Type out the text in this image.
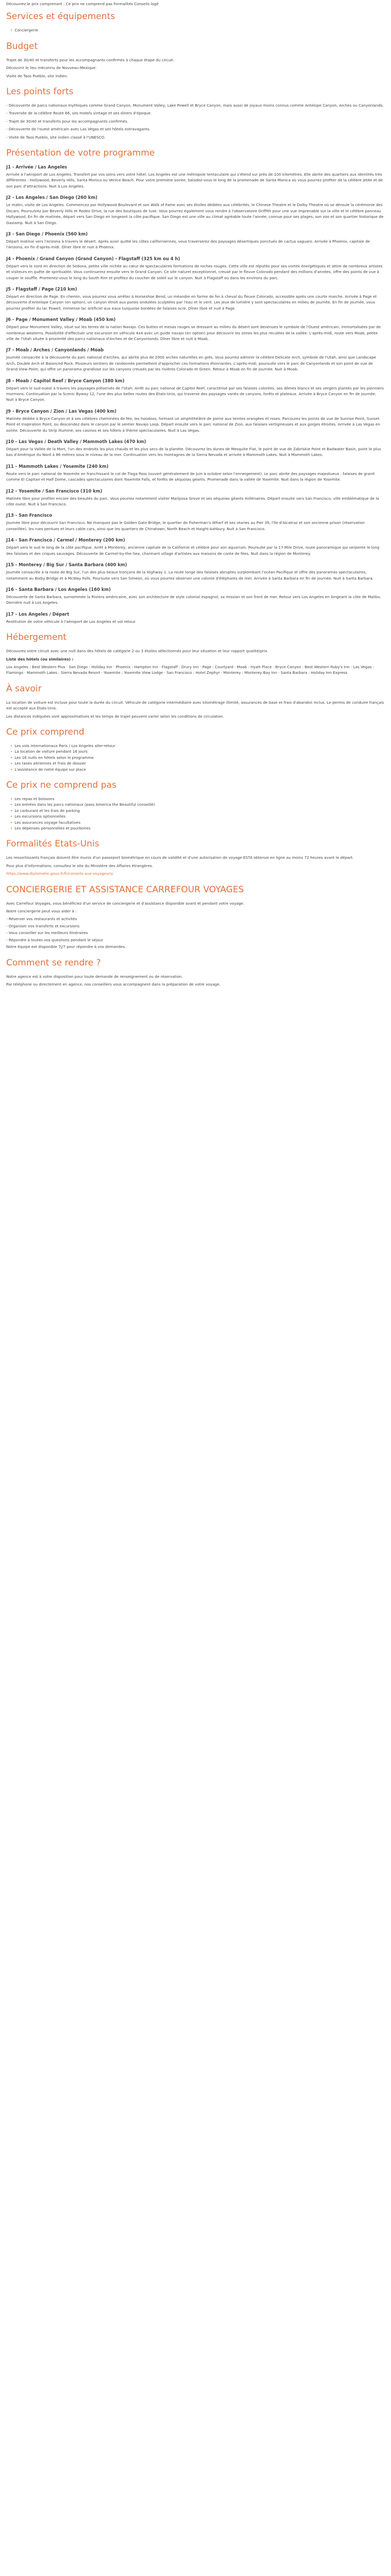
Découvrez le prix comprenant : Ce prix ne comprend pas Formalités Conseils logé

Services et équipements
• Conciergerie
Budget

Trajet de 30/40 et transferts pour les accompagnants confirmés à chaque étape du circuit.

Découvrir le lieu méconnu de Nouveau-Mexique.

Visite de Taos Pueblo, site indien.

Les points forts

- Découverte de parcs nationaux mythiques comme Grand Canyon, Monument Valley, Lake Powell et Bryce Canyon, mais aussi de joyaux moins connus comme Antelope Canyon, Arches ou Canyonlands.

- Traversée de la célèbre Route 66, ses motels vintage et ses diners d'époque.

- Trajet de 30/40 et transferts pour les accompagnants confirmés.

- Découverte de l'ouest américain avec Las Vegas et ses hôtels extravagants.

- Visite de Taos Pueblo, site indien classé à l'UNESCO.

Présentation de votre programme
J1 - Arrivée / Las Angeles

Arrivée à l'aéroport de Los Angeles. Transfert par vos soins vers votre hôtel. Los Angeles est une métropole tentaculaire qui s'étend sur près de 100 kilomètres. Elle abrite des quartiers aux identités très différentes : Hollywood, Beverly Hills, Santa Monica ou Venice Beach. Pour votre première soirée, baladez-vous le long de la promenade de Santa Monica où vous pourrez profiter de la célèbre jetée et de son parc d'attractions. Nuit à Los Angeles.

J2 - Los Angeles / San Diego (260 km)

Le matin, visite de Los Angeles. Commencez par Hollywood Boulevard et son Walk of Fame avec ses étoiles dédiées aux célébrités, le Chinese Theatre et le Dolby Theatre où se déroule la cérémonie des Oscars. Poursuivez par Beverly Hills et Rodeo Drive, la rue des boutiques de luxe. Vous pourrez également vous rendre à l'observatoire Griffith pour une vue imprenable sur la ville et le célèbre panneau Hollywood. En fin de matinée, départ vers San Diego en longeant la côte pacifique. San Diego est une ville au climat agréable toute l'année, connue pour ses plages, son zoo et son quartier historique de Gaslamp. Nuit à San Diego.

J3 - San Diego / Phoenix (560 km)

Départ matinal vers l'Arizona à travers le désert. Après avoir quitté les côtes californiennes, vous traverserez des paysages désertiques ponctués de cactus saguaro. Arrivée à Phoenix, capitale de l'Arizona, en fin d'après-midi. Dîner libre et nuit à Phoenix.

J4 - Phoenix / Grand Canyon (Grand Canyon) - Flagstaff (325 km ou 4 h)

Départ vers le nord en direction de Sedona, petite ville nichée au cœur de spectaculaires formations de roches rouges. Cette ville est réputée pour ses vortex énergétiques et attire de nombreux artistes et visiteurs en quête de spiritualité. Vous continuerez ensuite vers le Grand Canyon. Ce site naturel exceptionnel, creusé par le fleuve Colorado pendant des millions d'années, offre des points de vue à couper le souffle. Promenez-vous le long du South Rim et profitez du coucher de soleil sur le canyon. Nuit à Flagstaff ou dans les environs du parc.

J5 - Flagstaff / Page (210 km)

Départ en direction de Page. En chemin, vous pourrez vous arrêter à Horseshoe Bend, un méandre en forme de fer à cheval du fleuve Colorado, accessible après une courte marche. Arrivée à Page et découverte d'Antelope Canyon (en option), un canyon étroit aux parois ondulées sculptées par l'eau et le vent. Les jeux de lumière y sont spectaculaires en milieu de journée. En fin de journée, vous pourrez profiter du lac Powell, immense lac artificiel aux eaux turquoise bordées de falaises ocre. Dîner libre et nuit à Page.

J6 - Page / Monument Valley / Moab (450 km)

Départ pour Monument Valley, situé sur les terres de la nation Navajo. Ces buttes et mesas rouges se dressant au milieu du désert sont devenues le symbole de l'Ouest américain, immortalisées par de nombreux westerns. Possibilité d'effectuer une excursion en véhicule 4x4 avec un guide navajo (en option) pour découvrir les zones les plus reculées de la vallée. L'après-midi, route vers Moab, petite ville de l'Utah située à proximité des parcs nationaux d'Arches et de Canyonlands. Dîner libre et nuit à Moab.

J7 - Moab / Arches / Canyonlands / Moab

Journée consacrée à la découverte du parc national d'Arches, qui abrite plus de 2000 arches naturelles en grès. Vous pourrez admirer la célèbre Delicate Arch, symbole de l'Utah, ainsi que Landscape Arch, Double Arch et Balanced Rock. Plusieurs sentiers de randonnée permettent d'approcher ces formations étonnantes. L'après-midi, poursuite vers le parc de Canyonlands et son point de vue de Grand View Point, qui offre un panorama grandiose sur les canyons creusés par les rivières Colorado et Green. Retour à Moab en fin de journée. Nuit à Moab.

J8 - Moab / Capitol Reef / Bryce Canyon (380 km)

Départ vers le sud-ouest à travers les paysages préservés de l'Utah. Arrêt au parc national de Capitol Reef, caractérisé par ses falaises colorées, ses dômes blancs et ses vergers plantés par les pionniers mormons. Continuation par la Scenic Byway 12, l'une des plus belles routes des États-Unis, qui traverse des paysages variés de canyons, forêts et plateaux. Arrivée à Bryce Canyon en fin de journée. Nuit à Bryce Canyon.

J9 - Bryce Canyon / Zion / Las Vegas (400 km)

Matinée dédiée à Bryce Canyon et à ses célèbres cheminées de fée, les hoodoos, formant un amphithéâtre de pierre aux teintes orangées et roses. Parcourez les points de vue de Sunrise Point, Sunset Point et Inspiration Point, ou descendez dans le canyon par le sentier Navajo Loop. Départ ensuite vers le parc national de Zion, aux falaises vertigineuses et aux gorges étroites. Arrivée à Las Vegas en soirée. Découverte du Strip illuminé, ses casinos et ses hôtels à thème spectaculaires. Nuit à Las Vegas.

J10 - Las Vegas / Death Valley / Mammoth Lakes (470 km)

Départ pour la Vallée de la Mort, l'un des endroits les plus chauds et les plus secs de la planète. Découvrez les dunes de Mesquite Flat, le point de vue de Zabriskie Point et Badwater Basin, point le plus bas d'Amérique du Nord à 86 mètres sous le niveau de la mer. Continuation vers les montagnes de la Sierra Nevada et arrivée à Mammoth Lakes. Nuit à Mammoth Lakes.

J11 - Mammoth Lakes / Yosemite (240 km)

Route vers le parc national de Yosemite en franchissant le col de Tioga Pass (ouvert généralement de juin à octobre selon l'enneigement). Le parc abrite des paysages majestueux : falaises de granit comme El Capitan et Half Dome, cascades spectaculaires dont Yosemite Falls, et forêts de séquoias géants. Promenade dans la vallée de Yosemite. Nuit dans la région de Yosemite.

J12 - Yosemite / San Francisco (310 km)

Matinée libre pour profiter encore des beautés du parc. Vous pourrez notamment visiter Mariposa Grove et ses séquoias géants millénaires. Départ ensuite vers San Francisco, ville emblématique de la côte ouest. Nuit à San Francisco.

J13 - San Francisco

Journée libre pour découvrir San Francisco. Ne manquez pas le Golden Gate Bridge, le quartier de Fisherman's Wharf et ses otaries au Pier 39, l'île d'Alcatraz et son ancienne prison (réservation conseillée), les rues pentues et leurs cable cars, ainsi que les quartiers de Chinatown, North Beach et Haight-Ashbury. Nuit à San Francisco.

J14 - San Francisco / Carmel / Monterey (200 km)

Départ vers le sud le long de la côte pacifique. Arrêt à Monterey, ancienne capitale de la Californie et célèbre pour son aquarium. Poursuite par la 17-Mile Drive, route panoramique qui serpente le long des falaises et des criques sauvages. Découverte de Carmel-by-the-Sea, charmant village d'artistes aux maisons de conte de fées. Nuit dans la région de Monterey.

J15 - Monterey / Big Sur / Santa Barbara (400 km)

Journée consacrée à la route de Big Sur, l'un des plus beaux tronçons de la Highway 1. La route longe des falaises abruptes surplombant l'océan Pacifique et offre des panoramas spectaculaires, notamment au Bixby Bridge et à McWay Falls. Poursuite vers San Simeon, où vous pourrez observer une colonie d'éléphants de mer. Arrivée à Santa Barbara en fin de journée. Nuit à Santa Barbara.

J16 - Santa Barbara / Los Angeles (160 km)

Découverte de Santa Barbara, surnommée la Riviera américaine, avec son architecture de style colonial espagnol, sa mission et son front de mer. Retour vers Los Angeles en longeant la côte de Malibu. Dernière nuit à Los Angeles.

J17 - Los Angeles / Départ

Restitution de votre véhicule à l'aéroport de Los Angeles et vol retour.

Hébergement

Découvrez votre circuit avec une nuit dans des hôtels de catégorie 2 ou 3 étoiles sélectionnés pour leur situation et leur rapport qualité/prix.

Liste des hôtels (ou similaires) :

Los Angeles : Best Western Plus · San Diego : Holiday Inn · Phoenix : Hampton Inn · Flagstaff : Drury Inn · Page : Courtyard · Moab : Hyatt Place · Bryce Canyon : Best Western Ruby's Inn · Las Vegas : Flamingo · Mammoth Lakes : Sierra Nevada Resort · Yosemite : Yosemite View Lodge · San Francisco : Hotel Zephyr · Monterey : Monterey Bay Inn · Santa Barbara : Holiday Inn Express

À savoir

La location de voiture est incluse pour toute la durée du circuit. Véhicule de catégorie intermédiaire avec kilométrage illimité, assurances de base et frais d'abandon inclus. Le permis de conduire français est accepté aux États-Unis.

Les distances indiquées sont approximatives et les temps de trajet peuvent varier selon les conditions de circulation.

Ce prix comprend
• Les vols internationaux Paris / Los Angeles aller-retour
• La location de voiture pendant 16 jours
• Les 16 nuits en hôtels selon le programme
• Les taxes aériennes et frais de dossier
• L'assistance de notre équipe sur place
Ce prix ne comprend pas
• Les repas et boissons
• Les entrées dans les parcs nationaux (pass America the Beautiful conseillé)
• Le carburant et les frais de parking
• Les excursions optionnelles
• Les assurances voyage facultatives
• Les dépenses personnelles et pourboires
Formalités Etats-Unis

Les ressortissants français doivent être munis d'un passeport biométrique en cours de validité et d'une autorisation de voyage ESTA obtenue en ligne au moins 72 heures avant le départ.

Pour plus d'informations, consultez le site du Ministère des Affaires étrangères.

https://www.diplomatie.gouv.fr/fr/conseils-aux-voyageurs/

CONCIERGERIE ET ASSISTANCE CARREFOUR VOYAGES

Avec Carrefour Voyages, vous bénéficiez d'un service de conciergerie et d'assistance disponible avant et pendant votre voyage.

Notre conciergerie peut vous aider à :

- Réserver vos restaurants et activités

- Organiser vos transferts et excursions

- Vous conseiller sur les meilleurs itinéraires

- Répondre à toutes vos questions pendant le séjour

Notre équipe est disponible 7j/7 pour répondre à vos demandes.

Comment se rendre ?

Notre agence est à votre disposition pour toute demande de renseignement ou de réservation.

Par téléphone ou directement en agence, nos conseillers vous accompagnent dans la préparation de votre voyage.
